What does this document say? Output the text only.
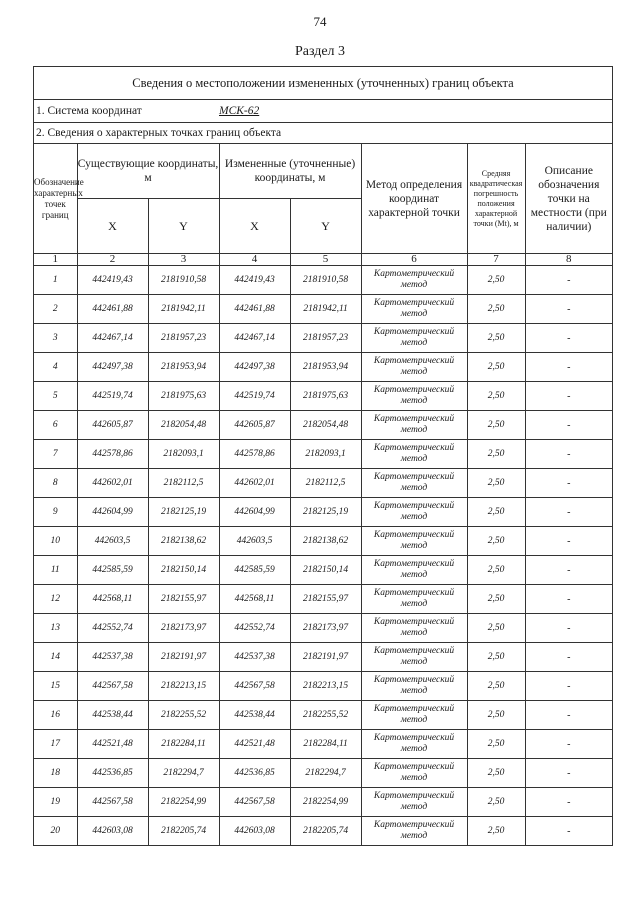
74
Раздел 3
Сведения о местоположении измененных (уточненных) границ объекта
1. Система координат	МСК-62
2. Сведения о характерных точках границ объекта
Обозначение характерных точек границ	Существующие координаты, м		Измененные (уточненные) координаты, м		Метод определения координат характерной точки	Средняя квадратическая погрешность положения характерной точки (Mt), м	Описание обозначения точки на местности (при наличии)
	X	Y	X	Y			
1	2	3	4	5	6	7	8
1	442419,43	2181910,58	442419,43	2181910,58	Картометрический метод	2,50	-
2	442461,88	2181942,11	442461,88	2181942,11	Картометрический метод	2,50	-
3	442467,14	2181957,23	442467,14	2181957,23	Картометрический метод	2,50	-
4	442497,38	2181953,94	442497,38	2181953,94	Картометрический метод	2,50	-
5	442519,74	2181975,63	442519,74	2181975,63	Картометрический метод	2,50	-
6	442605,87	2182054,48	442605,87	2182054,48	Картометрический метод	2,50	-
7	442578,86	2182093,1	442578,86	2182093,1	Картометрический метод	2,50	-
8	442602,01	2182112,5	442602,01	2182112,5	Картометрический метод	2,50	-
9	442604,99	2182125,19	442604,99	2182125,19	Картометрический метод	2,50	-
10	442603,5	2182138,62	442603,5	2182138,62	Картометрический метод	2,50	-
11	442585,59	2182150,14	442585,59	2182150,14	Картометрический метод	2,50	-
12	442568,11	2182155,97	442568,11	2182155,97	Картометрический метод	2,50	-
13	442552,74	2182173,97	442552,74	2182173,97	Картометрический метод	2,50	-
14	442537,38	2182191,97	442537,38	2182191,97	Картометрический метод	2,50	-
15	442567,58	2182213,15	442567,58	2182213,15	Картометрический метод	2,50	-
16	442538,44	2182255,52	442538,44	2182255,52	Картометрический метод	2,50	-
17	442521,48	2182284,11	442521,48	2182284,11	Картометрический метод	2,50	-
18	442536,85	2182294,7	442536,85	2182294,7	Картометрический метод	2,50	-
19	442567,58	2182254,99	442567,58	2182254,99	Картометрический метод	2,50	-
20	442603,08	2182205,74	442603,08	2182205,74	Картометрический метод	2,50	-
